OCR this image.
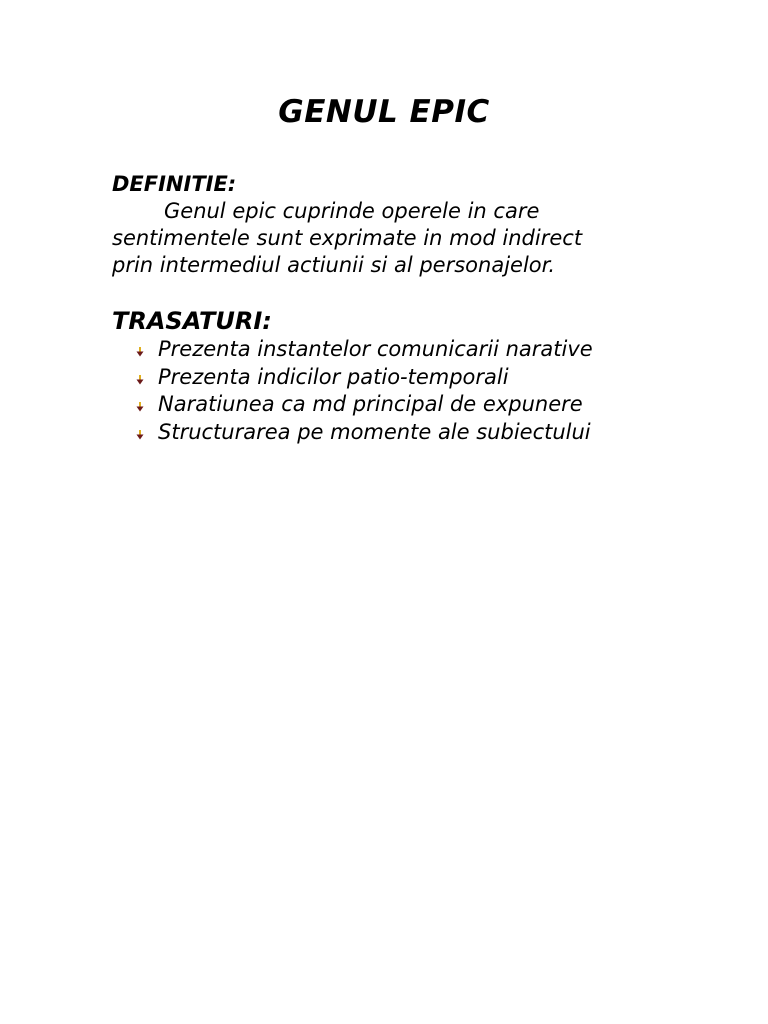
GENUL EPIC
DEFINITIE:

Genul epic cuprinde operele in care
sentimentele sunt exprimate in mod indirect
prin intermediul actiunii si al personajelor.

TRASATURI:
Prezenta instantelor comunicarii narative
Prezenta indicilor patio-temporali
Naratiunea ca md principal de expunere
Structurarea pe momente ale subiectului
